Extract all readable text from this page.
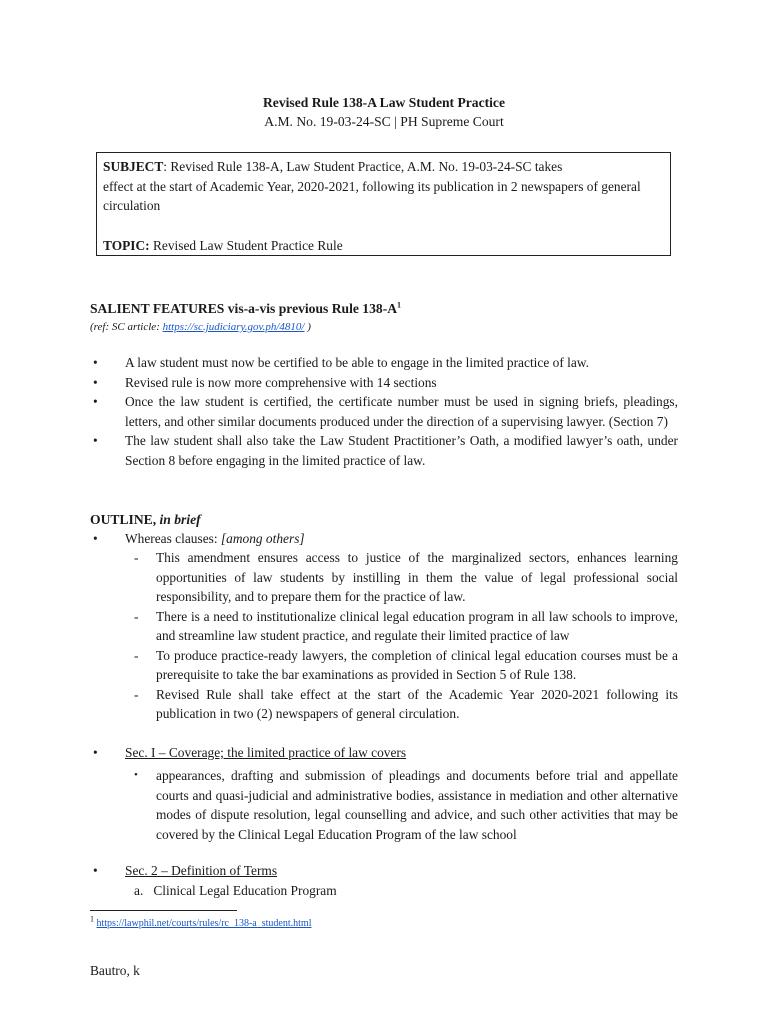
Revised Rule 138-A Law Student Practice
A.M. No. 19-03-24-SC | PH Supreme Court
SUBJECT: Revised Rule 138-A, Law Student Practice, A.M. No. 19-03-24-SC takes
effect at the start of Academic Year, 2020-2021, following its publication in 2 newspapers of general circulation
TOPIC: Revised Law Student Practice Rule
SALIENT FEATURES vis-a-vis previous Rule $138-A^1$
(ref: SC article: https://sc.judiciary.gov.ph/4810/ )
• A law student must now be certified to be able to engage in the limited practice of law.
• Revised rule is now more comprehensive with 14 sections
• Once the law student is certified, the certificate number must be used in signing briefs, pleadings, letters, and other similar documents produced under the direction of a supervising lawyer. (Section 7)
• The law student shall also take the Law Student Practitioner’s Oath, a modified lawyer’s oath, under Section 8 before engaging in the limited practice of law.
OUTLINE, in brief
• Whereas clauses: [among others]
- This amendment ensures access to justice of the marginalized sectors, enhances learning opportunities of law students by instilling in them the value of legal professional social responsibility, and to prepare them for the practice of law.
- There is a need to institutionalize clinical legal education program in all law schools to improve, and streamline law student practice, and regulate their limited practice of law
- To produce practice-ready lawyers, the completion of clinical legal education courses must be a prerequisite to take the bar examinations as provided in Section 5 of Rule 138.
- Revised Rule shall take effect at the start of the Academic Year 2020-2021 following its publication in two (2) newspapers of general circulation.
• Sec. I – Coverage; the limited practice of law covers
• appearances, drafting and submission of pleadings and documents before trial and appellate courts and quasi-judicial and administrative bodies, assistance in mediation and other alternative modes of dispute resolution, legal counselling and advice, and such other activities that may be covered by the Clinical Legal Education Program of the law school
• Sec. 2 – Definition of Terms
a. Clinical Legal Education Program
$^1$ https://lawphil.net/courts/rules/rc_138-a_student.html
Bautro, k
